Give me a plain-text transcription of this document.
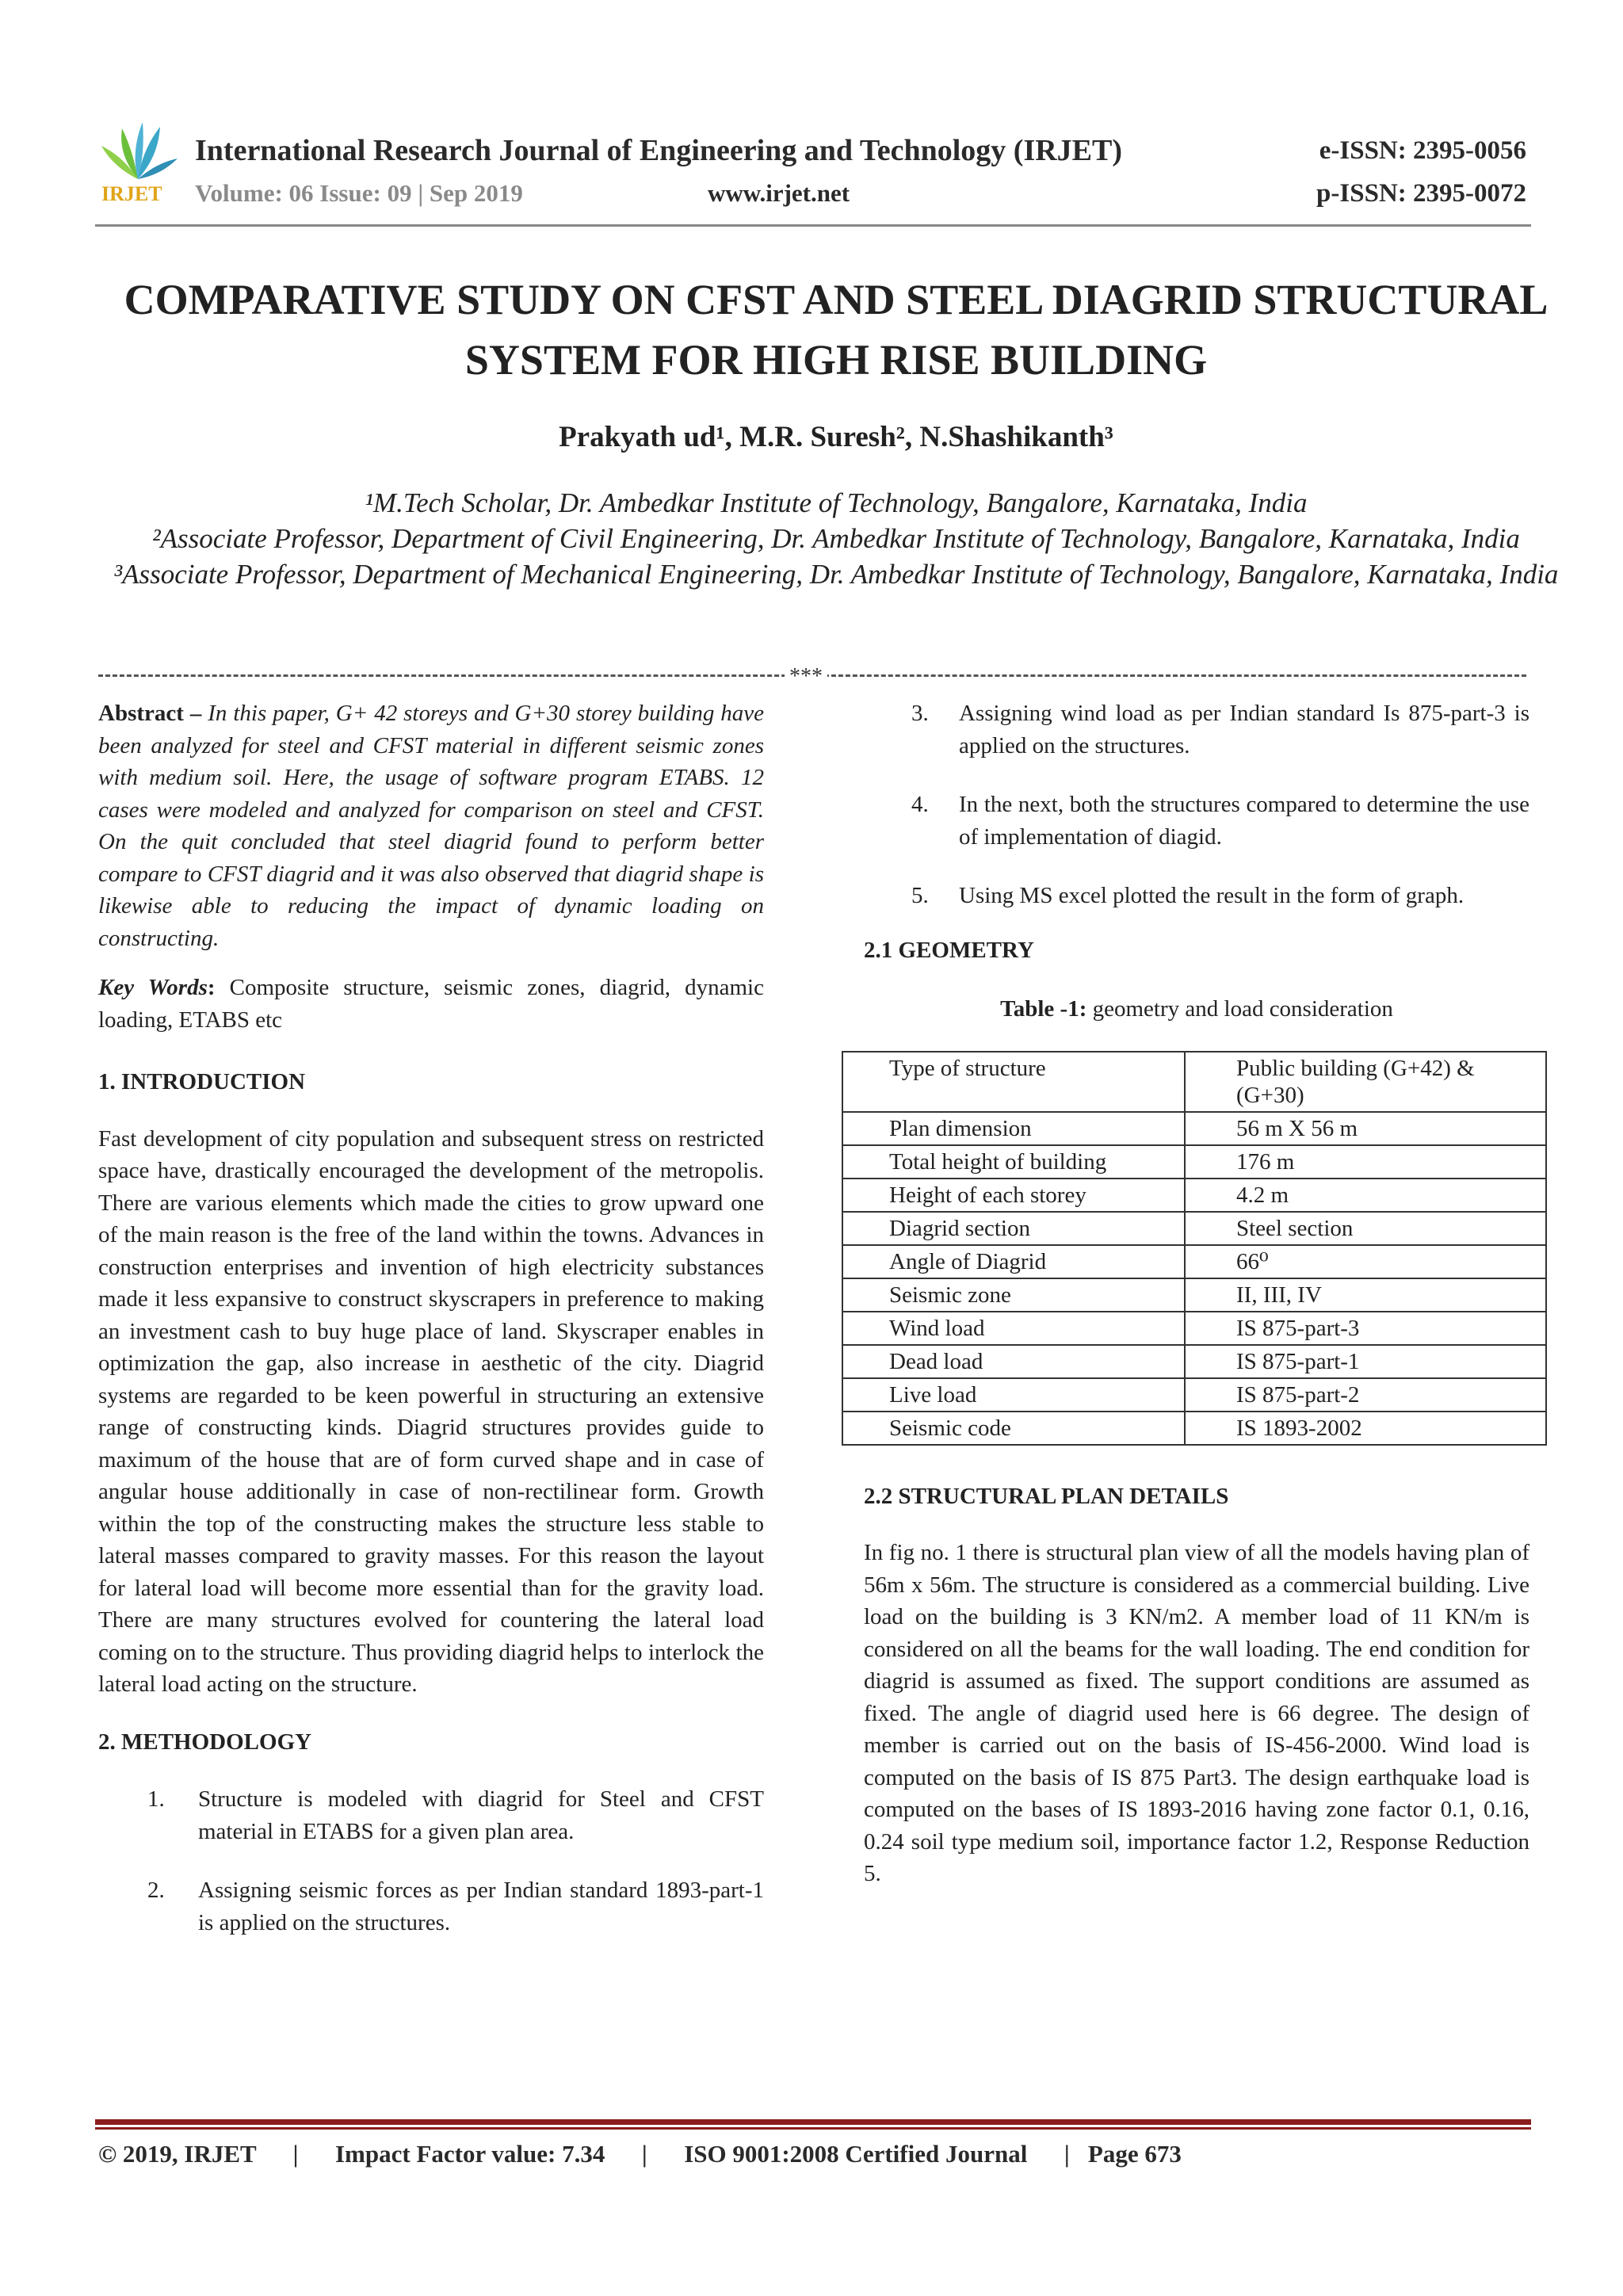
IRJET
International Research Journal of Engineering and Technology (IRJET)	e-ISSN: 2395-0056
Volume: 06 Issue: 09 | Sep 2019	www.irjet.net	p-ISSN: 2395-0072
COMPARATIVE STUDY ON CFST AND STEEL DIAGRID STRUCTURAL
SYSTEM FOR HIGH RISE BUILDING
Prakyath ud¹, M.R. Suresh², N.Shashikanth³

¹M.Tech Scholar, Dr. Ambedkar Institute of Technology, Bangalore, Karnataka, India

²Associate Professor, Department of Civil Engineering, Dr. Ambedkar Institute of Technology, Bangalore, Karnataka, India

³Associate Professor, Department of Mechanical Engineering, Dr. Ambedkar Institute of Technology, Bangalore, Karnataka, India

***

Abstract – In this paper, G+ 42 storeys and G+30 storey building have been analyzed for steel and CFST material in different seismic zones with medium soil. Here, the usage of software program ETABS. 12 cases were modeled and analyzed for comparison on steel and CFST. On the quit concluded that steel diagrid found to perform better compare to CFST diagrid and it was also observed that diagrid shape is likewise able to reducing the impact of dynamic loading on constructing.

Key Words: Composite structure, seismic zones, diagrid, dynamic loading, ETABS etc

1. INTRODUCTION

Fast development of city population and subsequent stress on restricted space have, drastically encouraged the development of the metropolis. There are various elements which made the cities to grow upward one of the main reason is the free of the land within the towns. Advances in construction enterprises and invention of high electricity substances made it less expansive to construct skyscrapers in preference to making an investment cash to buy huge place of land. Skyscraper enables in optimization the gap, also increase in aesthetic of the city. Diagrid systems are regarded to be keen powerful in structuring an extensive range of constructing kinds. Diagrid structures provides guide to maximum of the house that are of form curved shape and in case of angular house additionally in case of non-rectilinear form. Growth within the top of the constructing makes the structure less stable to lateral masses compared to gravity masses. For this reason the layout for lateral load will become more essential than for the gravity load. There are many structures evolved for countering the lateral load coming on to the structure. Thus providing diagrid helps to interlock the lateral load acting on the structure.

2. METHODOLOGY

1. Structure is modeled with diagrid for Steel and CFST material in ETABS for a given plan area.
2. Assigning seismic forces as per Indian standard 1893-part-1 is applied on the structures.
3. Assigning wind load as per Indian standard Is 875-part-3 is applied on the structures.
4. In the next, both the structures compared to determine the use of implementation of diagid.
5. Using MS excel plotted the result in the form of graph.

2.1 GEOMETRY

Table -1: geometry and load consideration

Type of structure	Public building (G+42) &(G+30)
Plan dimension	56 m X 56 m
Total height of building	176 m
Height of each storey	4.2 m
Diagrid section	Steel section
Angle of Diagrid	66⁰
Seismic zone	II, III, IV
Wind load	IS 875-part-3
Dead load	IS 875-part-1
Live load	IS 875-part-2
Seismic code	IS 1893-2002

2.2 STRUCTURAL PLAN DETAILS

In fig no. 1 there is structural plan view of all the models having plan of 56m x 56m. The structure is considered as a commercial building. Live load on the building is 3 KN/m2. A member load of 11 KN/m is considered on all the beams for the wall loading. The end condition for diagrid is assumed as fixed. The support conditions are assumed as fixed. The angle of diagrid used here is 66 degree. The design of member is carried out on the basis of IS-456-2000. Wind load is computed on the basis of IS 875 Part3. The design earthquake load is computed on the bases of IS 1893-2016 having zone factor 0.1, 0.16, 0.24 soil type medium soil, importance factor 1.2, Response Reduction 5.

© 2019, IRJET | Impact Factor value: 7.34 | ISO 9001:2008 Certified Journal | Page 673
